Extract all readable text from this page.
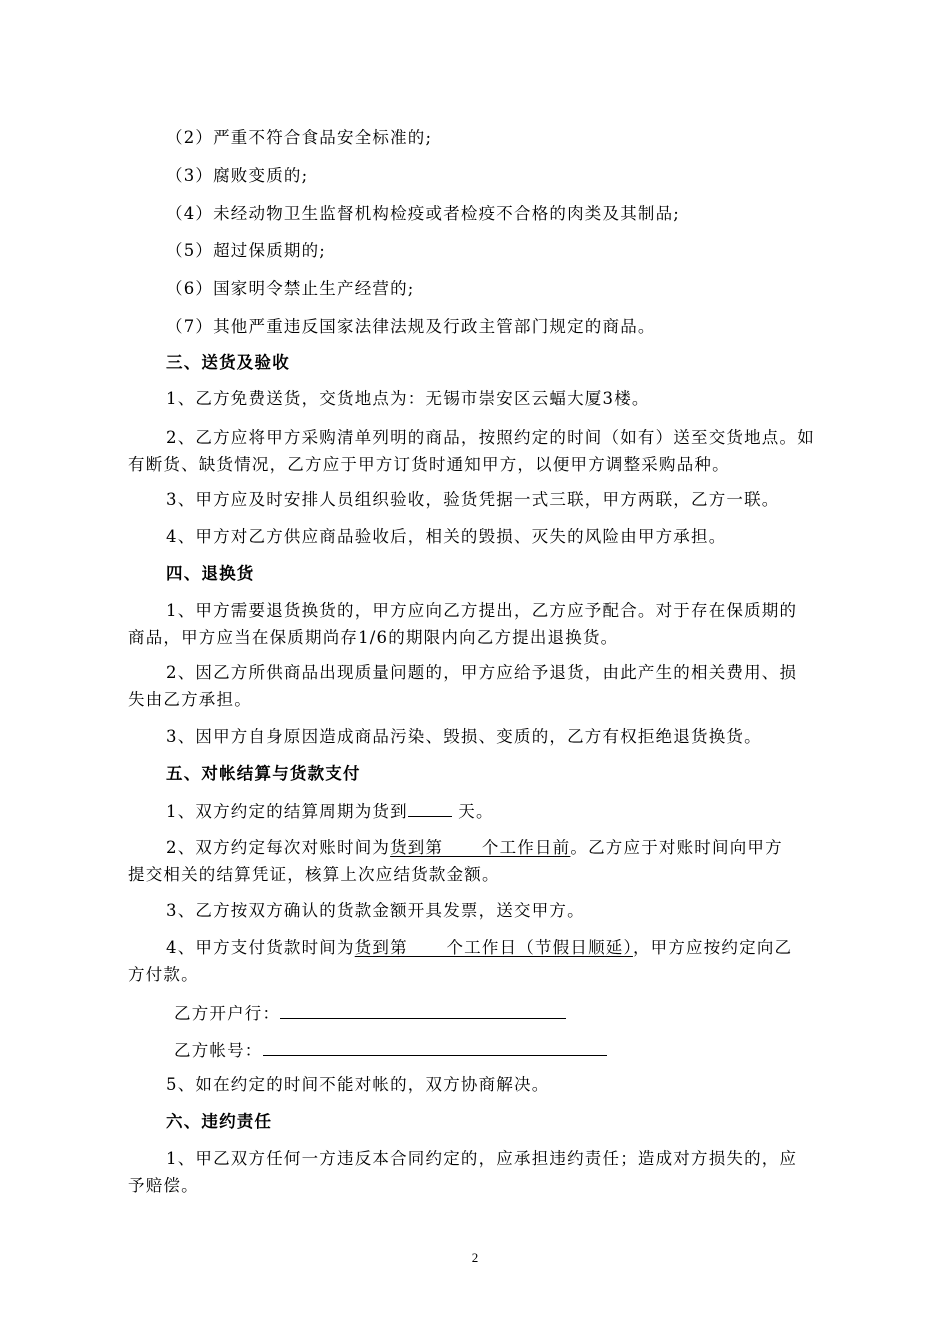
（2）严重不符合食品安全标准的;
（3）腐败变质的;
（4）未经动物卫生监督机构检疫或者检疫不合格的肉类及其制品;
（5）超过保质期的;
（6）国家明令禁止生产经营的;
（7）其他严重违反国家法律法规及行政主管部门规定的商品。
三、送货及验收
1、乙方免费送货，交货地点为：无锡市崇安区云蝠大厦3楼。
2、乙方应将甲方采购清单列明的商品，按照约定的时间（如有）送至交货地点。如
有断货、缺货情况，乙方应于甲方订货时通知甲方，以便甲方调整采购品种。
3、甲方应及时安排人员组织验收，验货凭据一式三联，甲方两联，乙方一联。
4、甲方对乙方供应商品验收后，相关的毁损、灭失的风险由甲方承担。
四、退换货
1、甲方需要退货换货的，甲方应向乙方提出，乙方应予配合。对于存在保质期的
商品，甲方应当在保质期尚存1/6的期限内向乙方提出退换货。
2、因乙方所供商品出现质量问题的，甲方应给予退货，由此产生的相关费用、损
失由乙方承担。
3、因甲方自身原因造成商品污染、毁损、变质的，乙方有权拒绝退货换货。
五、对帐结算与货款支付
1、双方约定的结算周期为货到	天。
2、双方约定每次对账时间为货到第      个工作日前。乙方应于对账时间向甲方
提交相关的结算凭证，核算上次应结货款金额。
3、乙方按双方确认的货款金额开具发票，送交甲方。
4、甲方支付货款时间为货到第      个工作日（节假日顺延），甲方应按约定向乙
方付款。
乙方开户行：
乙方帐号：
5、如在约定的时间不能对帐的，双方协商解决。
六、违约责任
1、甲乙双方任何一方违反本合同约定的，应承担违约责任；造成对方损失的，应
予赔偿。
2
